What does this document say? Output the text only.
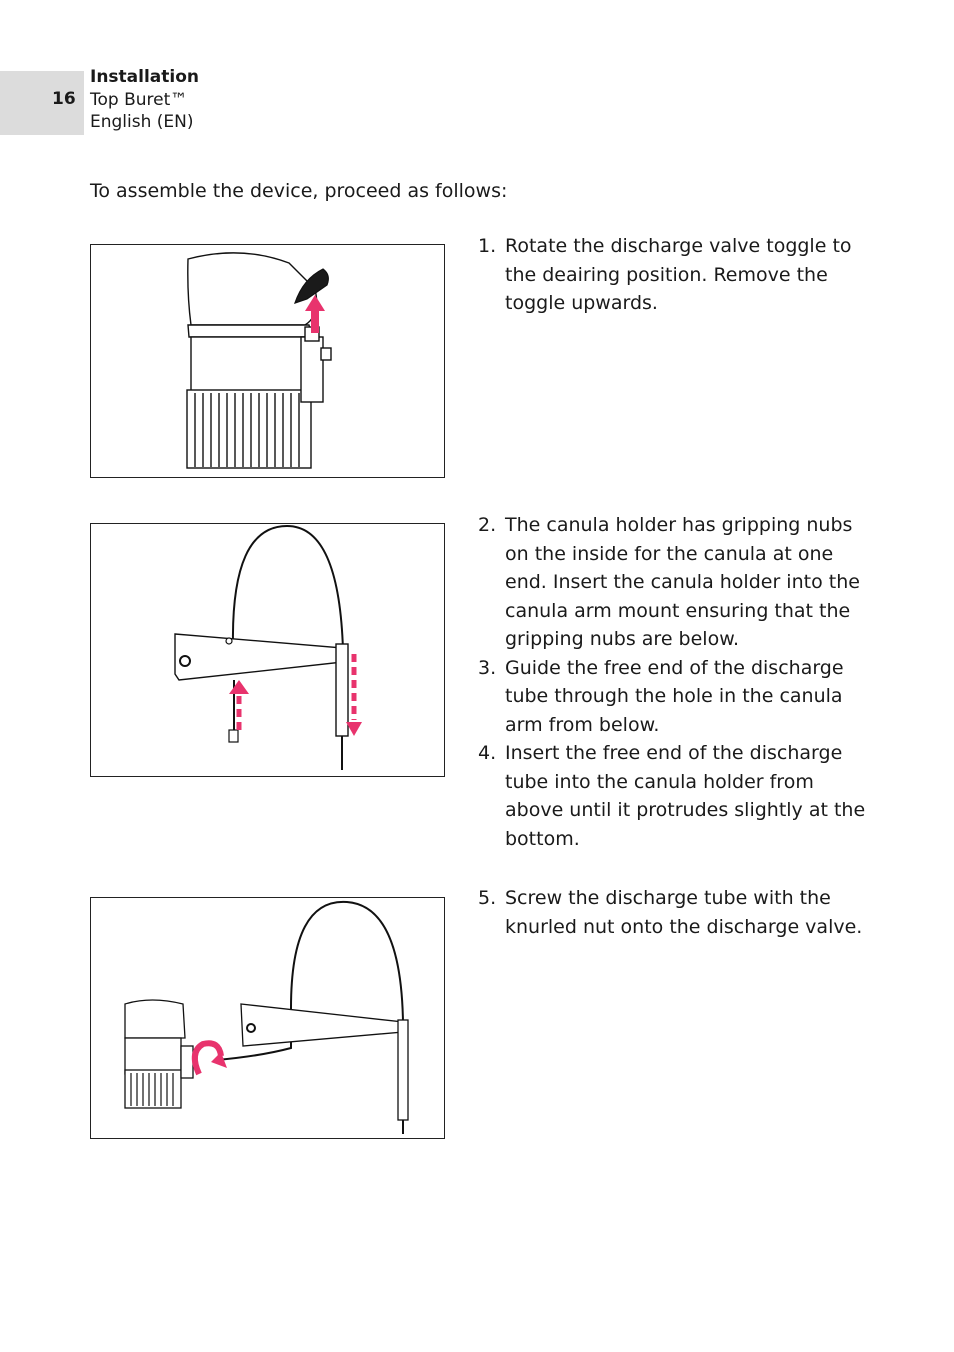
16
Installation
Top Buret™
English (EN)
To assemble the device, proceed as follows:
1. Rotate the discharge valve toggle to the deairing position. Remove the toggle upwards.
2. The canula holder has gripping nubs on the inside for the canula at one end. Insert the canula holder into the canula arm mount ensuring that the gripping nubs are below.
3. Guide the free end of the discharge tube through the hole in the canula arm from below.
4. Insert the free end of the discharge tube into the canula holder from above until it protrudes slightly at the bottom.
5. Screw the discharge tube with the knurled nut onto the discharge valve.
